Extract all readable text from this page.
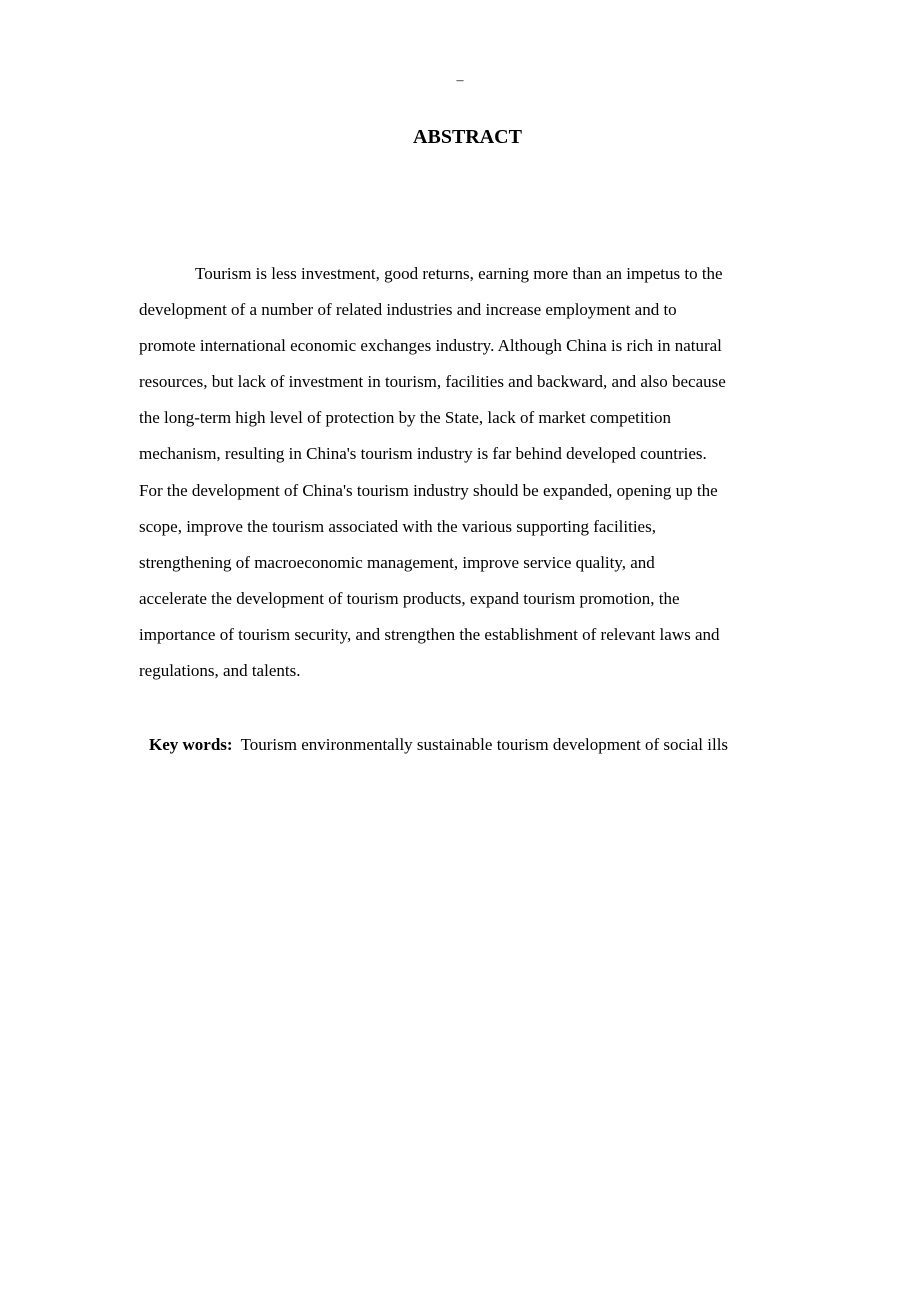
–
ABSTRACT
Tourism is less investment, good returns, earning more than an impetus to the
development of a number of related industries and increase employment and to
promote international economic exchanges industry. Although China is rich in natural
resources, but lack of investment in tourism, facilities and backward, and also because
the long-term high level of protection by the State, lack of market competition
mechanism, resulting in China's tourism industry is far behind developed countries.
For the development of China's tourism industry should be expanded, opening up the
scope, improve the tourism associated with the various supporting facilities,
strengthening of macroeconomic management, improve service quality, and
accelerate the development of tourism products, expand tourism promotion, the
importance of tourism security, and strengthen the establishment of relevant laws and
regulations, and talents.

Key words: Tourism environmentally sustainable tourism development of social ills
